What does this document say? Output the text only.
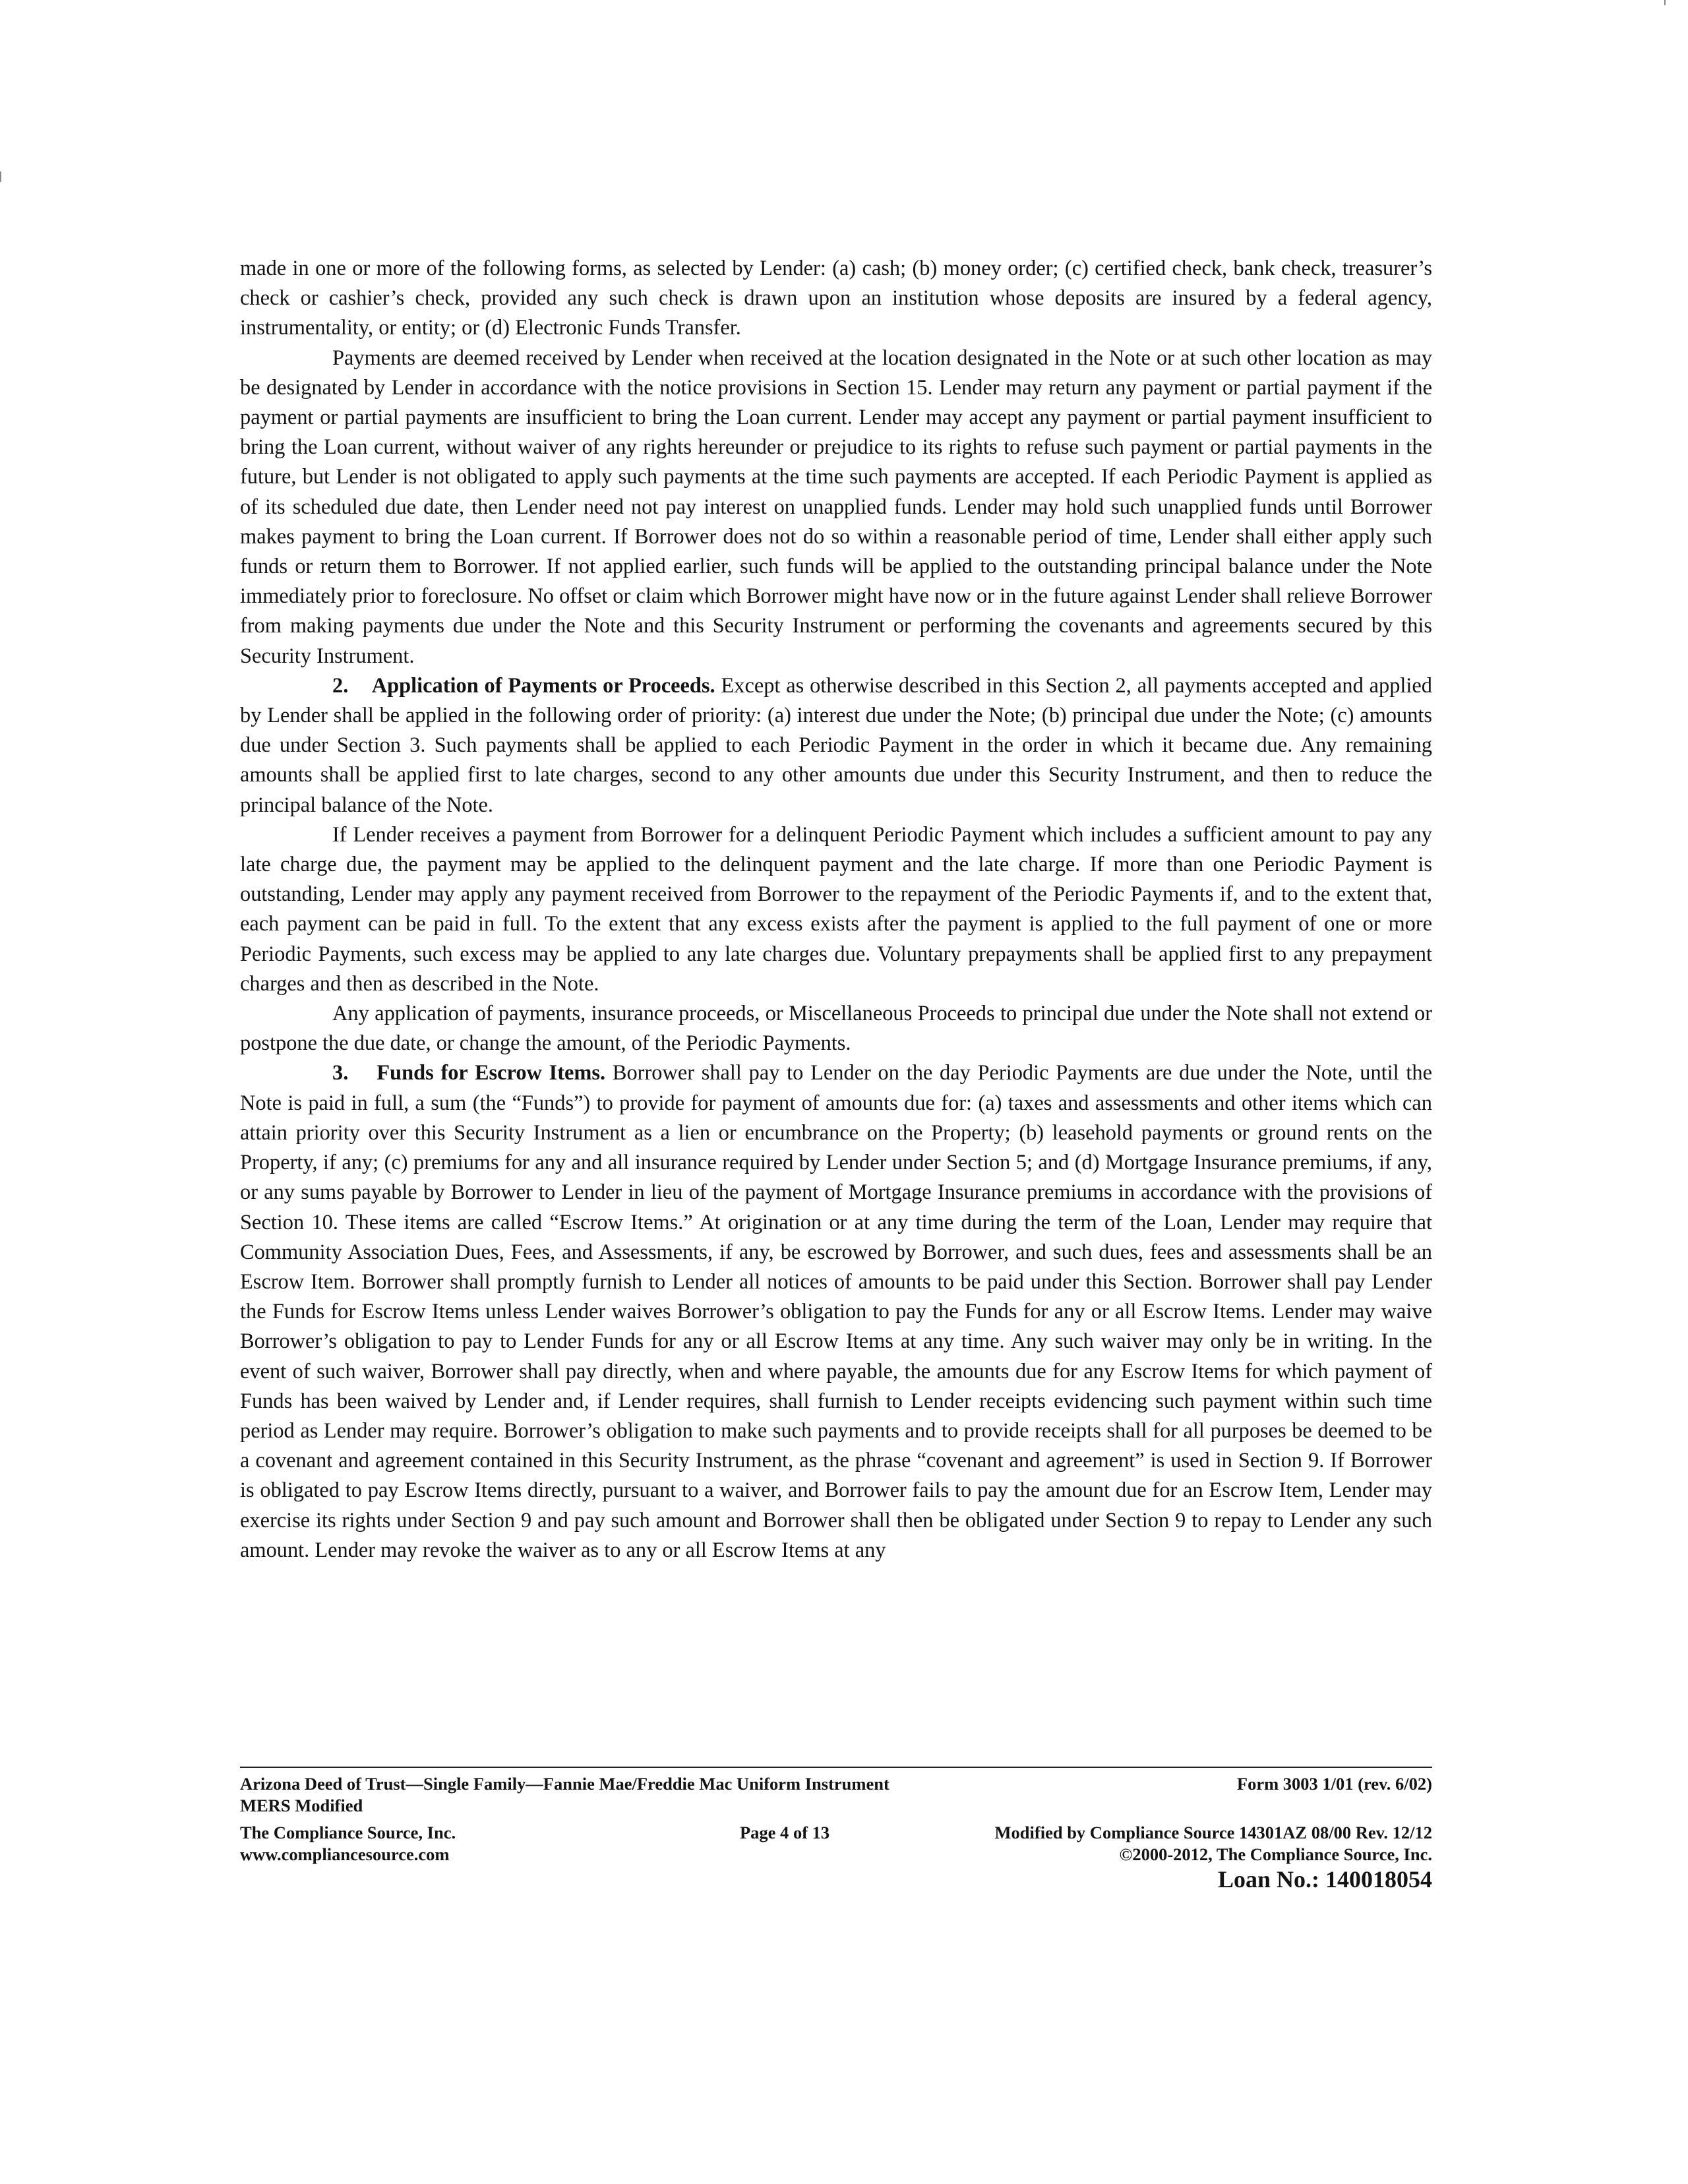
made in one or more of the following forms, as selected by Lender: (a) cash; (b) money order; (c) certified check, bank check, treasurer’s check or cashier’s check, provided any such check is drawn upon an institution whose deposits are insured by a federal agency, instrumentality, or entity; or (d) Electronic Funds Transfer.

Payments are deemed received by Lender when received at the location designated in the Note or at such other location as may be designated by Lender in accordance with the notice provisions in Section 15. Lender may return any payment or partial payment if the payment or partial payments are insufficient to bring the Loan current. Lender may accept any payment or partial payment insufficient to bring the Loan current, without waiver of any rights hereunder or prejudice to its rights to refuse such payment or partial payments in the future, but Lender is not obligated to apply such payments at the time such payments are accepted. If each Periodic Payment is applied as of its scheduled due date, then Lender need not pay interest on unapplied funds. Lender may hold such unapplied funds until Borrower makes payment to bring the Loan current. If Borrower does not do so within a reasonable period of time, Lender shall either apply such funds or return them to Borrower. If not applied earlier, such funds will be applied to the outstanding principal balance under the Note immediately prior to foreclosure. No offset or claim which Borrower might have now or in the future against Lender shall relieve Borrower from making payments due under the Note and this Security Instrument or performing the covenants and agreements secured by this Security Instrument.

2. Application of Payments or Proceeds. Except as otherwise described in this Section 2, all payments accepted and applied by Lender shall be applied in the following order of priority: (a) interest due under the Note; (b) principal due under the Note; (c) amounts due under Section 3. Such payments shall be applied to each Periodic Payment in the order in which it became due. Any remaining amounts shall be applied first to late charges, second to any other amounts due under this Security Instrument, and then to reduce the principal balance of the Note.

If Lender receives a payment from Borrower for a delinquent Periodic Payment which includes a sufficient amount to pay any late charge due, the payment may be applied to the delinquent payment and the late charge. If more than one Periodic Payment is outstanding, Lender may apply any payment received from Borrower to the repayment of the Periodic Payments if, and to the extent that, each payment can be paid in full. To the extent that any excess exists after the payment is applied to the full payment of one or more Periodic Payments, such excess may be applied to any late charges due. Voluntary prepayments shall be applied first to any prepayment charges and then as described in the Note.

Any application of payments, insurance proceeds, or Miscellaneous Proceeds to principal due under the Note shall not extend or postpone the due date, or change the amount, of the Periodic Payments.

3. Funds for Escrow Items. Borrower shall pay to Lender on the day Periodic Payments are due under the Note, until the Note is paid in full, a sum (the “Funds”) to provide for payment of amounts due for: (a) taxes and assessments and other items which can attain priority over this Security Instrument as a lien or encumbrance on the Property; (b) leasehold payments or ground rents on the Property, if any; (c) premiums for any and all insurance required by Lender under Section 5; and (d) Mortgage Insurance premiums, if any, or any sums payable by Borrower to Lender in lieu of the payment of Mortgage Insurance premiums in accordance with the provisions of Section 10. These items are called “Escrow Items.” At origination or at any time during the term of the Loan, Lender may require that Community Association Dues, Fees, and Assessments, if any, be escrowed by Borrower, and such dues, fees and assessments shall be an Escrow Item. Borrower shall promptly furnish to Lender all notices of amounts to be paid under this Section. Borrower shall pay Lender the Funds for Escrow Items unless Lender waives Borrower’s obligation to pay the Funds for any or all Escrow Items. Lender may waive Borrower’s obligation to pay to Lender Funds for any or all Escrow Items at any time. Any such waiver may only be in writing. In the event of such waiver, Borrower shall pay directly, when and where payable, the amounts due for any Escrow Items for which payment of Funds has been waived by Lender and, if Lender requires, shall furnish to Lender receipts evidencing such payment within such time period as Lender may require. Borrower’s obligation to make such payments and to provide receipts shall for all purposes be deemed to be a covenant and agreement contained in this Security Instrument, as the phrase “covenant and agreement” is used in Section 9. If Borrower is obligated to pay Escrow Items directly, pursuant to a waiver, and Borrower fails to pay the amount due for an Escrow Item, Lender may exercise its rights under Section 9 and pay such amount and Borrower shall then be obligated under Section 9 to repay to Lender any such amount. Lender may revoke the waiver as to any or all Escrow Items at any

Arizona Deed of Trust—Single Family—Fannie Mae/Freddie Mac Uniform Instrument	Form 3003 1/01 (rev. 6/02)
MERS Modified
The Compliance Source, Inc.	Page 4 of 13	Modified by Compliance Source 14301AZ 08/00 Rev. 12/12
www.compliancesource.com	©2000-2012, The Compliance Source, Inc.
Loan No.: 140018054
